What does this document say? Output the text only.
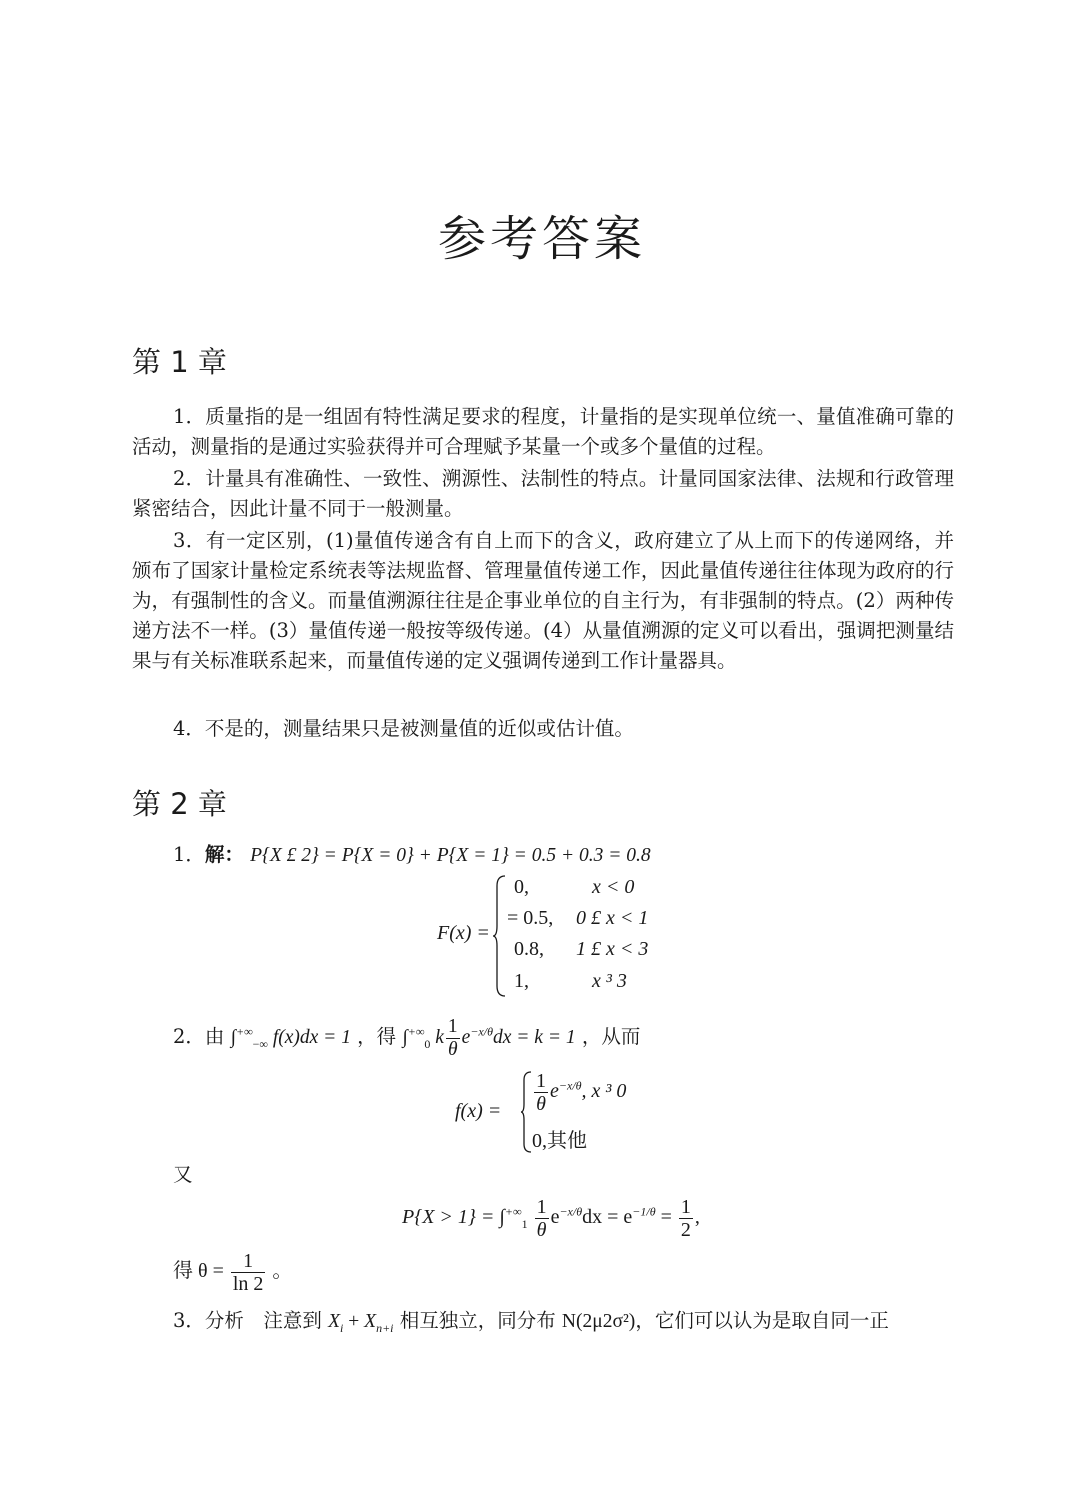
参考答案
第 1 章

1．质量指的是一组固有特性满足要求的程度，计量指的是实现单位统一、量值准确可靠的活动，测量指的是通过实验获得并可合理赋予某量一个或多个量值的过程。

2．计量具有准确性、一致性、溯源性、法制性的特点。计量同国家法律、法规和行政管理紧密结合，因此计量不同于一般测量。

3．有一定区别，(1)量值传递含有自上而下的含义，政府建立了从上而下的传递网络，并颁布了国家计量检定系统表等法规监督、管理量值传递工作，因此量值传递往往体现为政府的行为，有强制性的含义。而量值溯源往往是企事业单位的自主行为，有非强制的特点。(2）两种传递方法不一样。(3）量值传递一般按等级传递。(4）从量值溯源的定义可以看出，强调把测量结果与有关标准联系起来，而量值传递的定义强调传递到工作计量器具。

4．不是的，测量结果只是被测量值的近似或估计值。

第 2 章
1．解： P{X £ 2} = P{X = 0} + P{X = 1} = 0.5 + 0.3 = 0.8
F(x) =
0,	x < 0
= 0.5, 0 £ x < 1
0.8, 1 £ x < 3
1,	x ³ 3
2．由 $\int^{+\infty}_{-\infty}$ f(x)dx = 1 ，得 $\int^{+\infty}_0$ k $\frac{1}{\theta} e^{-x/\theta}dx = k = 1$ ，从而
$f(x) = \frac{1}{\theta} e^{-x/\theta}$, x ³ 0
0,其他
又
$P\{X > 1\} = \int^{+\infty}_1 \frac{1}{\theta} e^{-x/\theta}dx = e^{-1/\theta} = \frac{1}{2}$ ,
得 $\theta = \frac{1}{\ln 2}$ 。
3．分析　注意到 $X_i + X_{n+i}$ 相互独立，同分布 N(2μ2σ²)，它们可以认为是取自同一正
